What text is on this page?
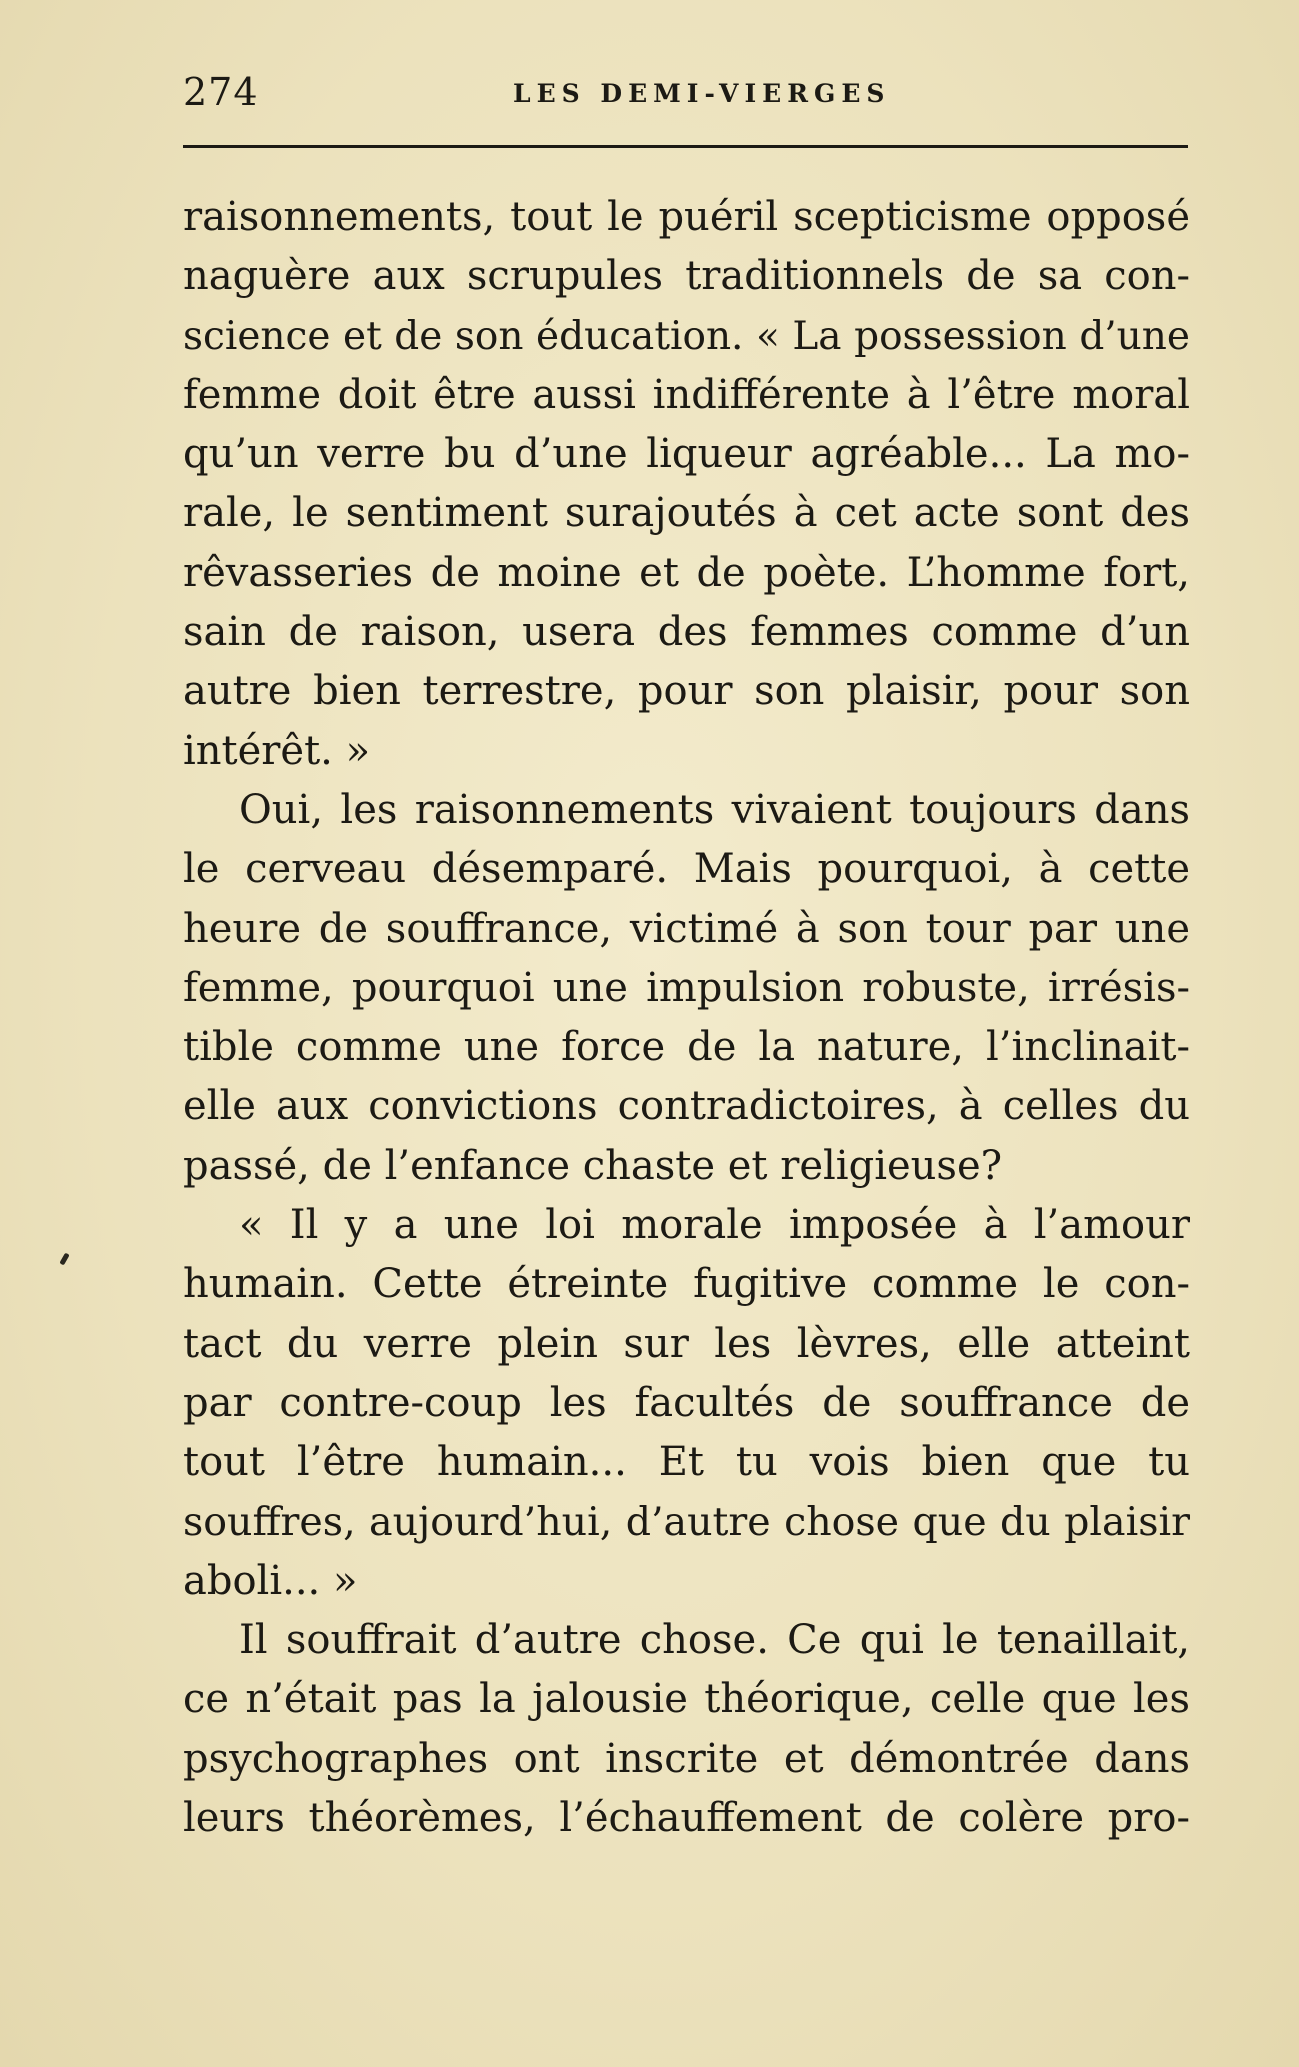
274	LES DEMI-VIERGES
raisonnements, tout le puéril scepticisme opposé
naguère aux scrupules traditionnels de sa con-
science et de son éducation. « La possession d’une
femme doit être aussi indifférente à l’être moral
qu’un verre bu d’une liqueur agréable... La mo-
rale, le sentiment surajoutés à cet acte sont des
rêvasseries de moine et de poète. L’homme fort,
sain de raison, usera des femmes comme d’un
autre bien terrestre, pour son plaisir, pour son
intérêt. »
Oui, les raisonnements vivaient toujours dans
le cerveau désemparé. Mais pourquoi, à cette
heure de souffrance, victimé à son tour par une
femme, pourquoi une impulsion robuste, irrésis-
tible comme une force de la nature, l’inclinait-
elle aux convictions contradictoires, à celles du
passé, de l’enfance chaste et religieuse?
« Il y a une loi morale imposée à l’amour
humain. Cette étreinte fugitive comme le con-
tact du verre plein sur les lèvres, elle atteint
par contre-coup les facultés de souffrance de
tout l’être humain... Et tu vois bien que tu
souffres, aujourd’hui, d’autre chose que du plaisir
aboli... »
Il souffrait d’autre chose. Ce qui le tenaillait,
ce n’était pas la jalousie théorique, celle que les
psychographes ont inscrite et démontrée dans
leurs théorèmes, l’échauffement de colère pro-
